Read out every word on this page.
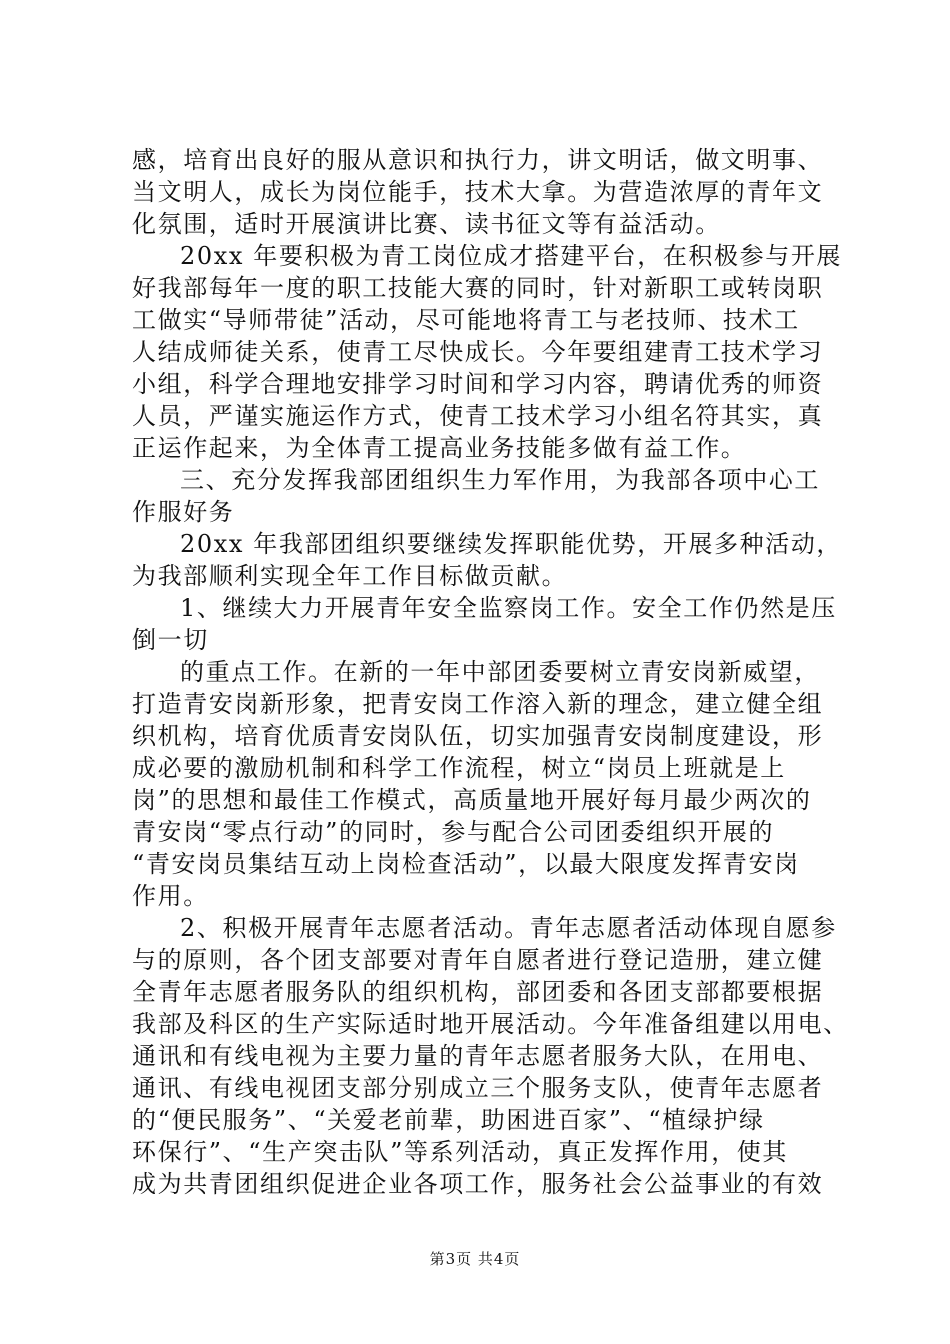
感，培育出良好的服从意识和执行力，讲文明话，做文明事、
当文明人，成长为岗位能手，技术大拿。为营造浓厚的青年文
化氛围，适时开展演讲比赛、读书征文等有益活动。
20xx 年要积极为青工岗位成才搭建平台，在积极参与开展
好我部每年一度的职工技能大赛的同时，针对新职工或转岗职
工做实“导师带徒”活动，尽可能地将青工与老技师、技术工
人结成师徒关系，使青工尽快成长。今年要组建青工技术学习
小组，科学合理地安排学习时间和学习内容，聘请优秀的师资
人员，严谨实施运作方式，使青工技术学习小组名符其实，真
正运作起来，为全体青工提高业务技能多做有益工作。
三、充分发挥我部团组织生力军作用，为我部各项中心工
作服好务
20xx 年我部团组织要继续发挥职能优势，开展多种活动，
为我部顺利实现全年工作目标做贡献。
1、继续大力开展青年安全监察岗工作。安全工作仍然是压
倒一切
的重点工作。在新的一年中部团委要树立青安岗新威望，
打造青安岗新形象，把青安岗工作溶入新的理念，建立健全组
织机构，培育优质青安岗队伍，切实加强青安岗制度建设，形
成必要的激励机制和科学工作流程，树立“岗员上班就是上
岗”的思想和最佳工作模式，高质量地开展好每月最少两次的
青安岗“零点行动”的同时，参与配合公司团委组织开展的
“青安岗员集结互动上岗检查活动”，以最大限度发挥青安岗
作用。
2、积极开展青年志愿者活动。青年志愿者活动体现自愿参
与的原则，各个团支部要对青年自愿者进行登记造册，建立健
全青年志愿者服务队的组织机构，部团委和各团支部都要根据
我部及科区的生产实际适时地开展活动。今年准备组建以用电、
通讯和有线电视为主要力量的青年志愿者服务大队，在用电、
通讯、有线电视团支部分别成立三个服务支队，使青年志愿者
的“便民服务”、“关爱老前辈，助困进百家”、“植绿护绿
环保行”、“生产突击队”等系列活动，真正发挥作用，使其
成为共青团组织促进企业各项工作，服务社会公益事业的有效
第3页 共4页
